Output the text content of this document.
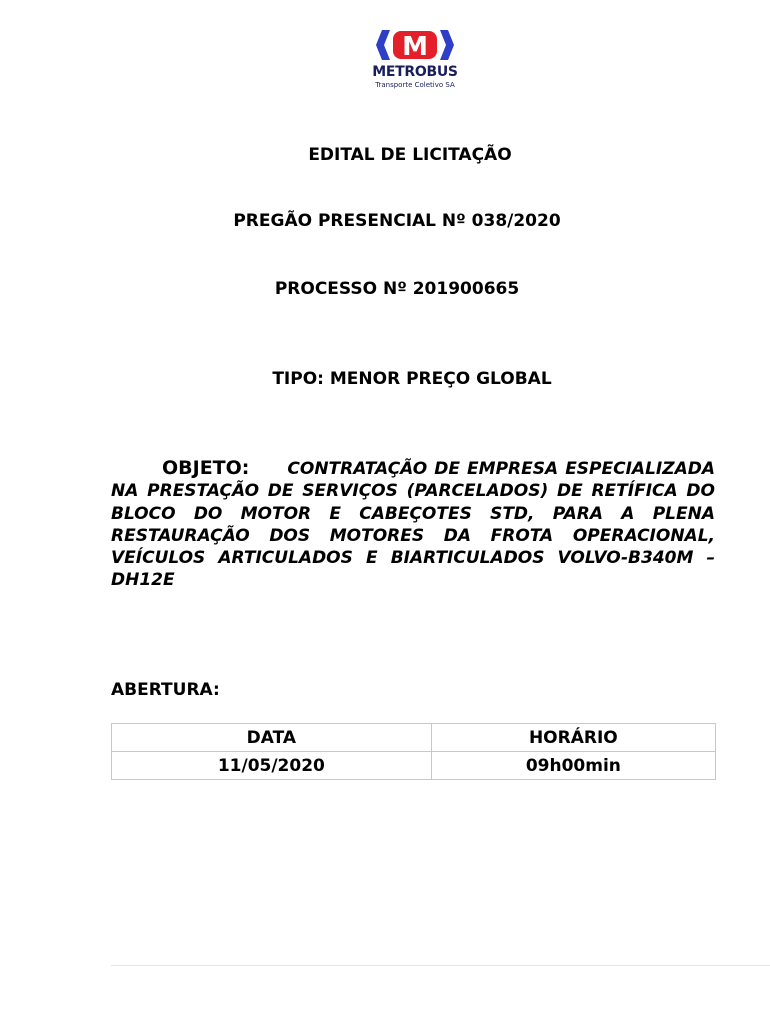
M
METROBUS
Transporte Coletivo SA
EDITAL DE LICITAÇÃO
PREGÃO PRESENCIAL Nº 038/2020
PROCESSO Nº 201900665
TIPO: MENOR PREÇO GLOBAL
OBJETO: CONTRATAÇÃO DE EMPRESA ESPECIALIZADA NA PRESTAÇÃO DE SERVIÇOS (PARCELADOS) DE RETÍFICA DO BLOCO DO MOTOR E CABEÇOTES STD, PARA A PLENA RESTAURAÇÃO DOS MOTORES DA FROTA OPERACIONAL, VEÍCULOS ARTICULADOS E BIARTICULADOS VOLVO-B340M – DH12E
ABERTURA:
DATA	HORÁRIO
11/05/2020	09h00min
